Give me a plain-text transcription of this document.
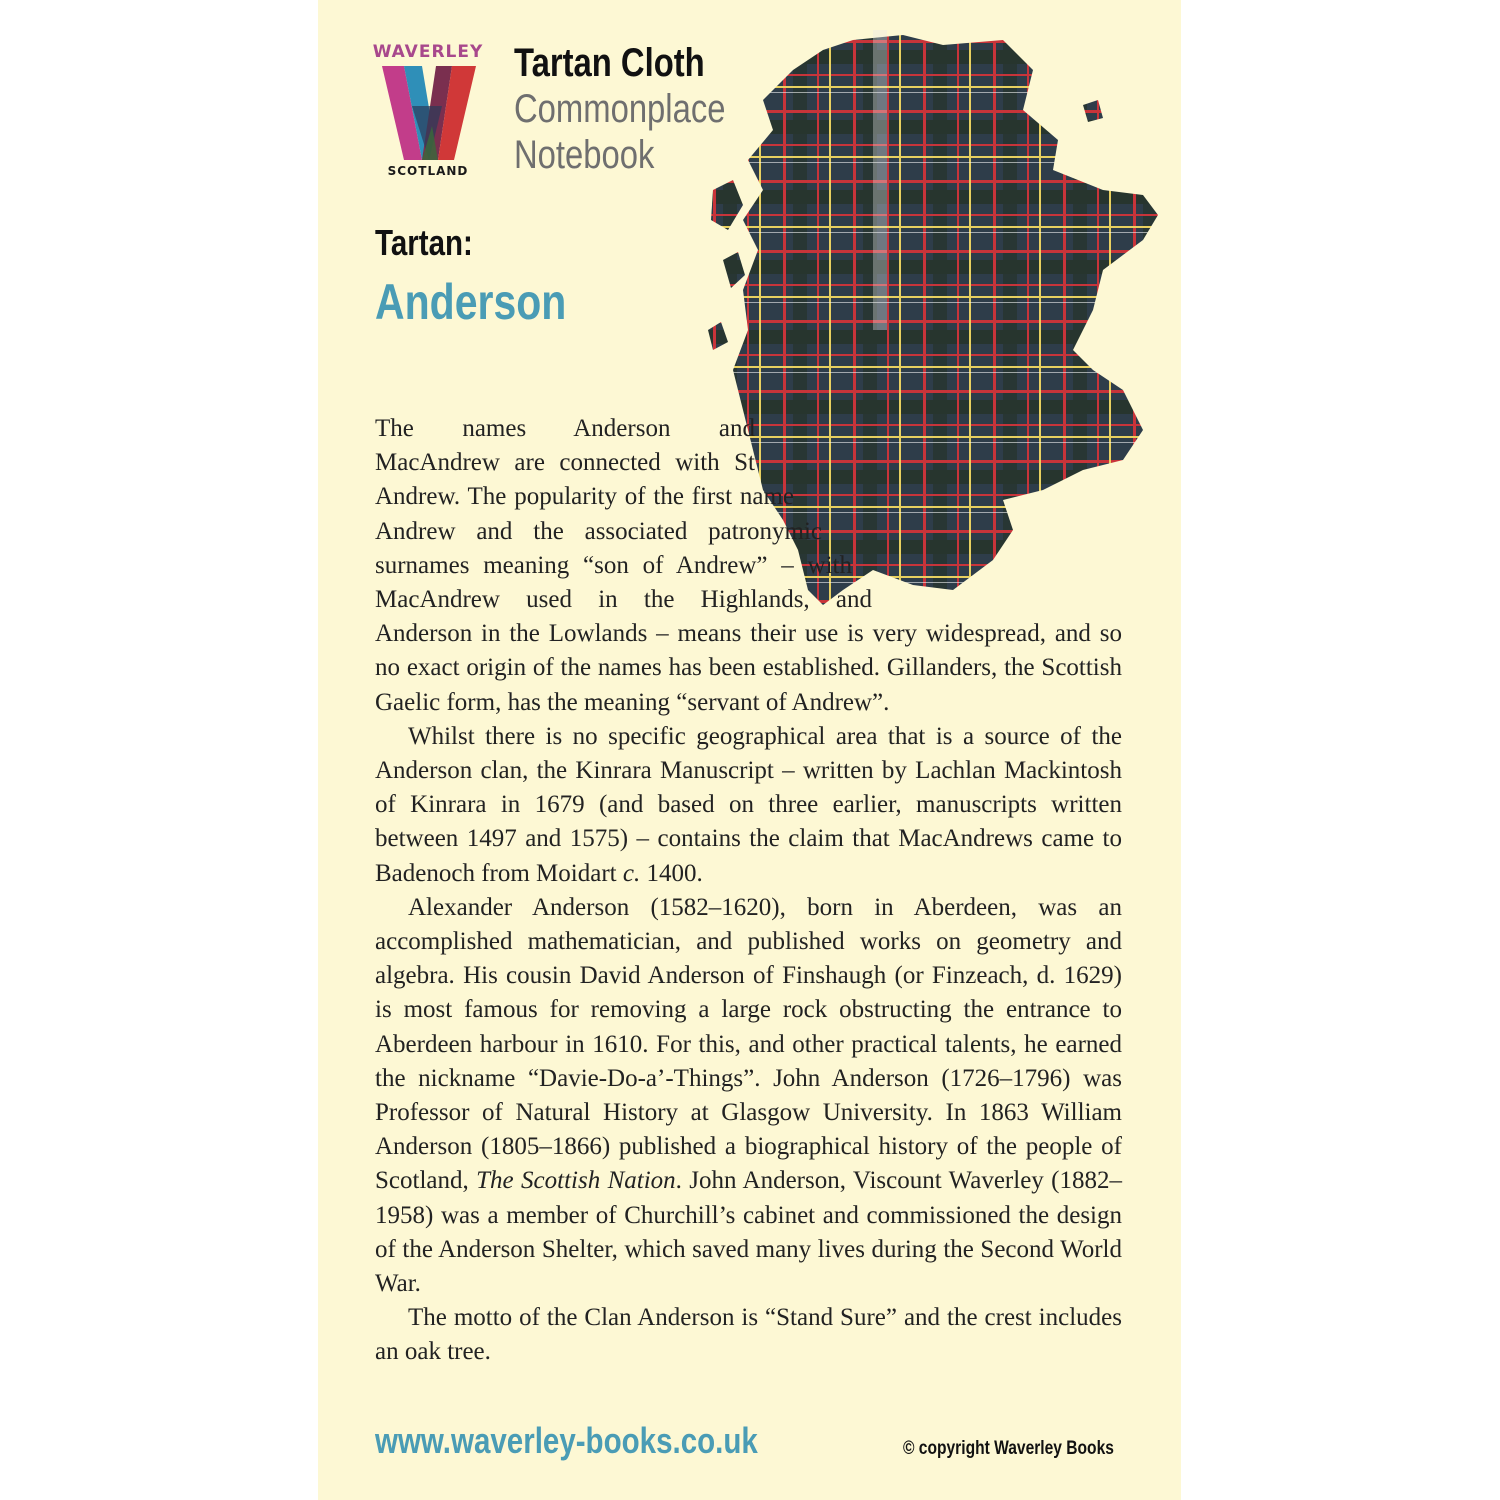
WAVERLEY
SCOTLAND
Tartan Cloth
Commonplace
Notebook
Tartan:
Anderson

The names Anderson and MacAndrew are connected with St Andrew. The popularity of the first name Andrew and the associated patronymic surnames meaning “son of Andrew” – with MacAndrew used in the Highlands, and Anderson in the Lowlands – means their use is very widespread, and so no exact origin of the names has been established. Gillanders, the Scottish Gaelic form, has the meaning “servant of Andrew”.

Whilst there is no specific geographical area that is a source of the Anderson clan, the Kinrara Manuscript – written by Lachlan Mackintosh of Kinrara in 1679 (and based on three earlier, manuscripts written between 1497 and 1575) – contains the claim that MacAndrews came to Badenoch from Moidart c. 1400.

Alexander Anderson (1582–1620), born in Aberdeen, was an accomplished mathematician, and published works on geometry and algebra. His cousin David Anderson of Finshaugh (or Finzeach, d. 1629) is most famous for removing a large rock obstructing the entrance to Aberdeen harbour in 1610. For this, and other practical talents, he earned the nickname “Davie-Do-a’-Things”. John Anderson (1726–1796) was Professor of Natural History at Glasgow University. In 1863 William Anderson (1805–1866) published a biographical history of the people of Scotland, The Scottish Nation. John Anderson, Viscount Waverley (1882–1958) was a member of Churchill’s cabinet and commissioned the design of the Anderson Shelter, which saved many lives during the Second World War.

The motto of the Clan Anderson is “Stand Sure” and the crest includes an oak tree.

www.waverley-books.co.uk	© copyright Waverley Books
